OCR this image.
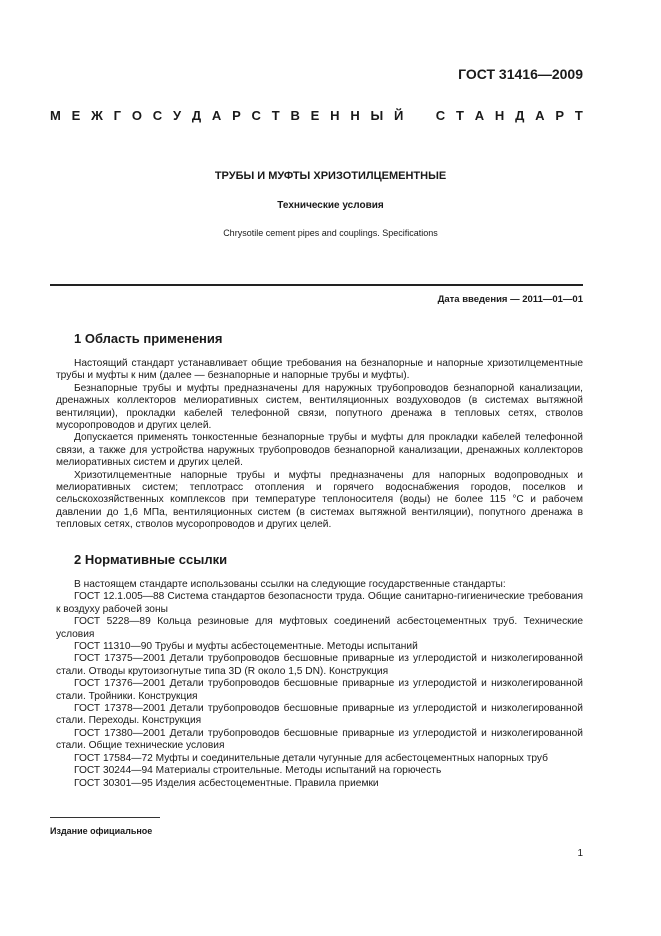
ГОСТ 31416—2009
М Е Ж Г О С У Д А Р С Т В Е Н Н Ы Й С Т А Н Д А Р Т
ТРУБЫ И МУФТЫ ХРИЗОТИЛЦЕМЕНТНЫЕ
Технические условия
Chrysotile cement pipes and couplings. Specifications
Дата введения — 2011—01—01
1 Область применения

Настоящий стандарт устанавливает общие требования на безнапорные и напорные хризотилцементные трубы и муфты к ним (далее — безнапорные и напорные трубы и муфты).

Безнапорные трубы и муфты предназначены для наружных трубопроводов безнапорной канализации, дренажных коллекторов мелиоративных систем, вентиляционных воздуховодов (в системах вытяжной вентиляции), прокладки кабелей телефонной связи, попутного дренажа в тепловых сетях, стволов мусоропроводов и других целей.

Допускается применять тонкостенные безнапорные трубы и муфты для прокладки кабелей телефонной связи, а также для устройства наружных трубопроводов безнапорной канализации, дренажных коллекторов мелиоративных систем и других целей.

Хризотилцементные напорные трубы и муфты предназначены для напорных водопроводных и мелиоративных систем; теплотрасс отопления и горячего водоснабжения городов, поселков и сельскохозяйственных комплексов при температуре теплоносителя (воды) не более 115 °С и рабочем давлении до 1,6 МПа, вентиляционных систем (в системах вытяжной вентиляции), попутного дренажа в тепловых сетях, стволов мусоропроводов и других целей.

2 Нормативные ссылки

В настоящем стандарте использованы ссылки на следующие государственные стандарты:

ГОСТ 12.1.005—88 Система стандартов безопасности труда. Общие санитарно-гигиенические требования к воздуху рабочей зоны

ГОСТ 5228—89 Кольца резиновые для муфтовых соединений асбестоцементных труб. Технические условия

ГОСТ 11310—90 Трубы и муфты асбестоцементные. Методы испытаний

ГОСТ 17375—2001 Детали трубопроводов бесшовные приварные из углеродистой и низколегированной стали. Отводы крутоизогнутые типа 3D (R около 1,5 DN). Конструкция

ГОСТ 17376—2001 Детали трубопроводов бесшовные приварные из углеродистой и низколегированной стали. Тройники. Конструкция

ГОСТ 17378—2001 Детали трубопроводов бесшовные приварные из углеродистой и низколегированной стали. Переходы. Конструкция

ГОСТ 17380—2001 Детали трубопроводов бесшовные приварные из углеродистой и низколегированной стали. Общие технические условия

ГОСТ 17584—72 Муфты и соединительные детали чугунные для асбестоцементных напорных труб

ГОСТ 30244—94 Материалы строительные. Методы испытаний на горючесть

ГОСТ 30301—95 Изделия асбестоцементные. Правила приемки

Издание официальное
1
